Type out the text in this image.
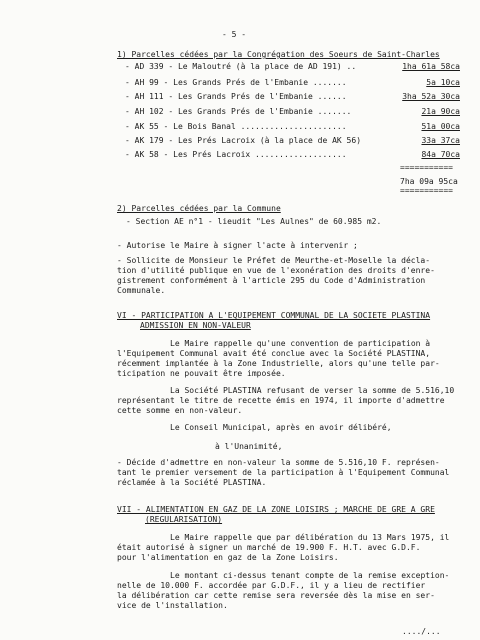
- 5 -
1) Parcelles cédées par la Congrégation des Soeurs de Saint-Charles
- AD 339 - Le Maloutré (à la place de AD 191) ..	1ha 61a 58ca
- AH 99 - Les Grands Prés de l'Embanie .......	5a 10ca
- AH 111 - Les Grands Prés de l'Embanie ......	3ha 52a 30ca
- AH 102 - Les Grands Prés de l'Embanie .......	21a 90ca
- AK 55 - Le Bois Banal ......................	51a 00ca
- AK 179 - Les Prés Lacroix (à la place de AK 56)	33a 37ca
- AK 58 - Les Prés Lacroix ...................	84a 70ca
===========
7ha 09a 95ca
===========
2) Parcelles cédées par la Commune
- Section AE n°1 - lieudit "Les Aulnes" de 60.985 m2.
- Autorise le Maire à signer l'acte à intervenir ;
- Sollicite de Monsieur le Préfet de Meurthe-et-Moselle la décla-
tion d'utilité publique en vue de l'exonération des droits d'enre-
gistrement conformément à l'article 295 du Code d'Administration
Communale.
VI - PARTICIPATION A L'EQUIPEMENT COMMUNAL DE LA SOCIETE PLASTINA
ADMISSION EN NON-VALEUR
Le Maire rappelle qu'une convention de participation à
l'Equipement Communal avait été conclue avec la Société PLASTINA,
récemment implantée à la Zone Industrielle, alors qu'une telle par-
ticipation ne pouvait être imposée.
La Société PLASTINA refusant de verser la somme de 5.516,10
représentant le titre de recette émis en 1974, il importe d'admettre
cette somme en non-valeur.
Le Conseil Municipal, après en avoir délibéré,
à l'Unanimité,
- Décide d'admettre en non-valeur la somme de 5.516,10 F. représen-
tant le premier versement de la participation à l'Equipement Communal
réclamée à la Société PLASTINA.
VII - ALIMENTATION EN GAZ DE LA ZONE LOISIRS ; MARCHE DE GRE A GRE
(REGULARISATION)
Le Maire rappelle que par délibération du 13 Mars 1975, il
était autorisé à signer un marché de 19.900 F. H.T. avec G.D.F.
pour l'alimentation en gaz de la Zone Loisirs.
Le montant ci-dessus tenant compte de la remise exception-
nelle de 10.000 F. accordée par G.D.F., il y a lieu de rectifier
la délibération car cette remise sera reversée dès la mise en ser-
vice de l'installation.
..../...
